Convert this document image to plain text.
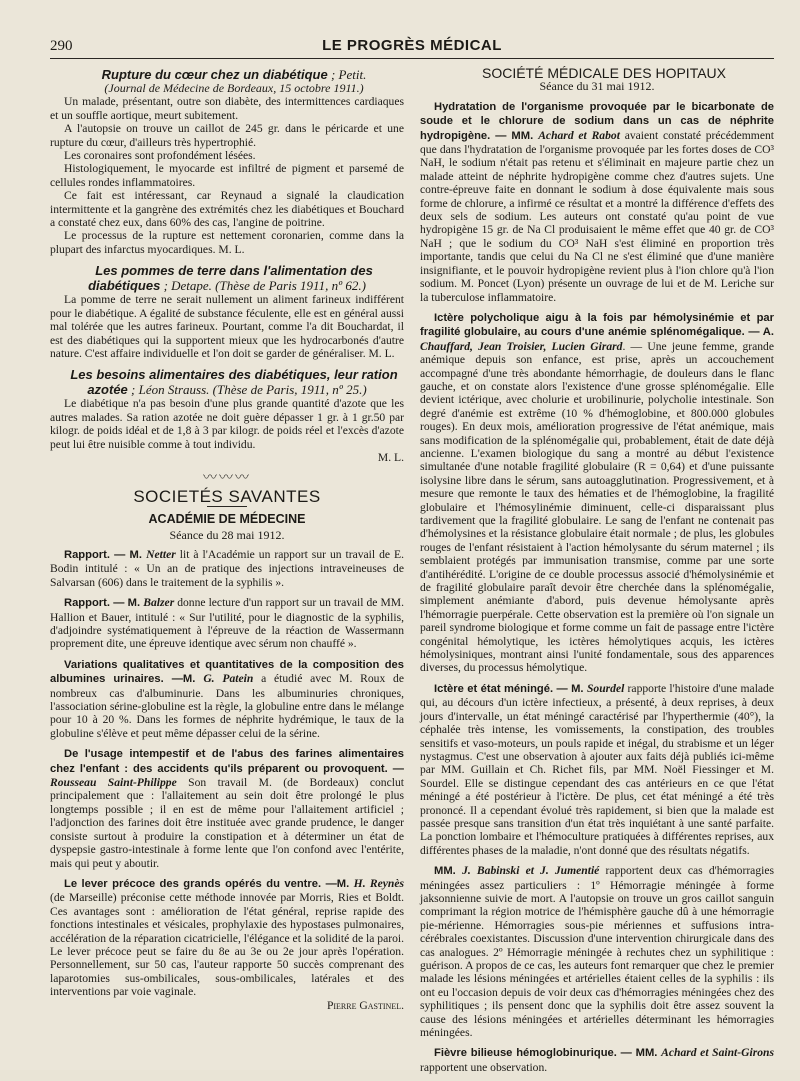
290	LE PROGRÈS MÉDICAL

Rupture du cœur chez un diabétique ; Petit.

(Journal de Médecine de Bordeaux, 15 octobre 1911.)

Un malade, présentant, outre son diabète, des intermittences cardiaques et un souffle aortique, meurt subitement.

A l'autopsie on trouve un caillot de 245 gr. dans le péricarde et une rupture du cœur, d'ailleurs très hypertrophié.

Les coronaires sont profondément lésées.

Histologiquement, le myocarde est infiltré de pigment et parsemé de cellules rondes inflammatoires.

Ce fait est intéressant, car Reynaud a signalé la claudication intermittente et la gangrène des extrémités chez les diabétiques et Bouchard a constaté chez eux, dans 60% des cas, l'angine de poitrine.

Le processus de la rupture est nettement coronarien, comme dans la plupart des infarctus myocardiques. M. L.

Les pommes de terre dans l'alimentation des diabétiques ; Detape. (Thèse de Paris 1911, nº 62.)

La pomme de terre ne serait nullement un aliment farineux indifférent pour le diabétique. A égalité de substance féculente, elle est en général aussi mal tolérée que les autres farineux. Pourtant, comme l'a dit Bouchardat, il est des diabétiques qui la supportent mieux que les hydrocarbonés d'autre nature. C'est affaire individuelle et l'on doit se garder de généraliser. M. L.

Les besoins alimentaires des diabétiques, leur ration azotée ; Léon Strauss. (Thèse de Paris, 1911, nº 25.)

Le diabétique n'a pas besoin d'une plus grande quantité d'azote que les autres malades. Sa ration azotée ne doit guère dépasser 1 gr. à 1 gr.50 par kilogr. de poids idéal et de 1,8 à 3 par kilogr. de poids réel et l'excès d'azote peut lui être nuisible comme à tout individu.

M. L.

〰〰〰
SOCIETÉS SAVANTES
ACADÉMIE DE MÉDECINE
Séance du 28 mai 1912.

Rapport. — M. Netter lit à l'Académie un rapport sur un travail de E. Bodin intitulé : « Un an de pratique des injections intraveineuses de Salvarsan (606) dans le traitement de la syphilis ».

Rapport. — M. Balzer donne lecture d'un rapport sur un travail de MM. Hallion et Bauer, intitulé : « Sur l'utilité, pour le diagnostic de la syphilis, d'adjoindre systématiquement à l'épreuve de la réaction de Wassermann proprement dite, une épreuve identique avec sérum non chauffé ».

Variations qualitatives et quantitatives de la composition des albumines urinaires. —M. G. Patein a étudié avec M. Roux de nombreux cas d'albuminurie. Dans les albuminuries chroniques, l'association sérine-globuline est la règle, la globuline entre dans le mélange pour 10 à 20 %. Dans les formes de néphrite hydrémique, le taux de la globuline s'élève et peut même dépasser celui de la sérine.

De l'usage intempestif et de l'abus des farines alimentaires chez l'enfant : des accidents qu'ils préparent ou provoquent. — Rousseau Saint-Philippe Son travail M. (de Bordeaux) conclut principalement que : l'allaitement au sein doit être prolongé le plus longtemps possible ; il en est de même pour l'allaitement artificiel ; l'adjonction des farines doit être instituée avec grande prudence, le danger consiste surtout à produire la constipation et à déterminer un état de dyspepsie gastro-intestinale à forme lente que l'on confond avec l'entérite, mais qui peut y aboutir.

Le lever précoce des grands opérés du ventre. —M. H. Reynès (de Marseille) préconise cette méthode innovée par Morris, Ries et Boldt. Ces avantages sont : amélioration de l'état général, reprise rapide des fonctions intestinales et vésicales, prophylaxie des hypostases pulmonaires, accélération de la réparation cicatricielle, l'élégance et la solidité de la paroi. Le lever précoce peut se faire du 8e au 3e ou 2e jour après l'opération. Personnellement, sur 50 cas, l'auteur rapporte 50 succès comprenant des laparotomies sus-ombilicales, sous-ombilicales, latérales et des interventions par voie vaginale.

Pierre Gastinel.

SOCIÉTÉ MÉDICALE DES HOPITAUX

Séance du 31 mai 1912.

Hydratation de l'organisme provoquée par le bicarbonate de soude et le chlorure de sodium dans un cas de néphrite hydropigène. — MM. Achard et Rabot avaient constaté précédemment que dans l'hydratation de l'organisme provoquée par les fortes doses de CO³ NaH, le sodium n'était pas retenu et s'éliminait en majeure partie chez un malade atteint de néphrite hydropigène comme chez d'autres sujets. Une contre-épreuve faite en donnant le sodium à dose équivalente mais sous forme de chlorure, a infirmé ce résultat et a montré la différence d'effets des deux sels de sodium. Les auteurs ont constaté qu'au point de vue hydropigène 15 gr. de Na Cl produisaient le même effet que 40 gr. de CO³ NaH ; que le sodium du CO³ NaH s'est éliminé en proportion très importante, tandis que celui du Na Cl ne s'est éliminé que d'une manière insignifiante, et le pouvoir hydropigène revient plus à l'ion chlore qu'à l'ion sodium. M. Poncet (Lyon) présente un ouvrage de lui et de M. Leriche sur la tuberculose inflammatoire.

Ictère polycholique aigu à la fois par hémolysinémie et par fragilité globulaire, au cours d'une anémie splénomégalique. — A. Chauffard, Jean Troisier, Lucien Girard. — Une jeune femme, grande anémique depuis son enfance, est prise, après un accouchement accompagné d'une très abondante hémorrhagie, de douleurs dans le flanc gauche, et on constate alors l'existence d'une grosse splénomégalie. Elle devient ictérique, avec cholurie et urobilinurie, polycholie intestinale. Son degré d'anémie est extrême (10 % d'hémoglobine, et 800.000 globules rouges). En deux mois, amélioration progressive de l'état anémique, mais sans modification de la splénomégalie qui, probablement, était de date déjà ancienne. L'examen biologique du sang a montré au début l'existence simultanée d'une notable fragilité globulaire (R = 0,64) et d'une puissante isolysine libre dans le sérum, sans autoagglutination. Progressivement, et à mesure que remonte le taux des hématies et de l'hémoglobine, la fragilité globulaire et l'hémosylinémie diminuent, celle-ci disparaissant plus tardivement que la fragilité globulaire. Le sang de l'enfant ne contenait pas d'hémolysines et la résistance globulaire était normale ; de plus, les globules rouges de l'enfant résistaient à l'action hémolysante du sérum maternel ; ils semblaient protégés par immunisation transmise, comme par une sorte d'antihérédité. L'origine de ce double processus associé d'hémolysinémie et de fragilité globulaire paraît devoir être cherchée dans la splénomégalie, simplement anémiante d'abord, puis devenue hémolysante après l'hémorragie puerpérale. Cette observation est la première où l'on signale un pareil syndrome biologique et forme comme un fait de passage entre l'ictère congénital hémolytique, les ictères hémolytiques acquis, les ictères hémolysiniques, montrant ainsi l'unité fondamentale, sous des apparences diverses, du processus hémolytique.

Ictère et état méningé. — M. Sourdel rapporte l'histoire d'une malade qui, au décours d'un ictère infectieux, a présenté, à deux reprises, à deux jours d'intervalle, un état méningé caractérisé par l'hyperthermie (40°), la céphalée très intense, les vomissements, la constipation, des troubles sensitifs et vaso-moteurs, un pouls rapide et inégal, du strabisme et un léger nystagmus. C'est une observation à ajouter aux faits déjà publiés ici-même par MM. Guillain et Ch. Richet fils, par MM. Noël Fiessinger et M. Sourdel. Elle se distingue cependant des cas antérieurs en ce que l'état méningé a été postérieur à l'ictère. De plus, cet état méningé a été très prononcé. Il a cependant évolué très rapidement, si bien que la malade est passée presque sans transition d'un état très inquiétant à une santé parfaite. La ponction lombaire et l'hémoculture pratiquées à différentes reprises, aux différentes phases de la maladie, n'ont donné que des résultats négatifs.

MM. J. Babinski et J. Jumentié rapportent deux cas d'hémorragies méningées assez particuliers : 1º Hémorragie méningée à forme jaksonnienne suivie de mort. A l'autopsie on trouve un gros caillot sanguin comprimant la région motrice de l'hémisphère gauche dû à une hémorragie pie-mérienne. Hémorragies sous-pie mériennes et suffusions intra-cérébrales coexistantes. Discussion d'une intervention chirurgicale dans des cas analogues. 2º Hémorragie méningée à rechutes chez un syphilitique : guérison. A propos de ce cas, les auteurs font remarquer que chez le premier malade les lésions méningées et artérielles étaient celles de la syphilis : ils ont eu l'occasion depuis de voir deux cas d'hémorragies méningées chez des syphilitiques ; ils pensent donc que la syphilis doit être assez souvent la cause des lésions méningées et artérielles déterminant les hémorragies méningées.

Fièvre bilieuse hémoglobinurique. — MM. Achard et Saint-Girons rapportent une observation.
